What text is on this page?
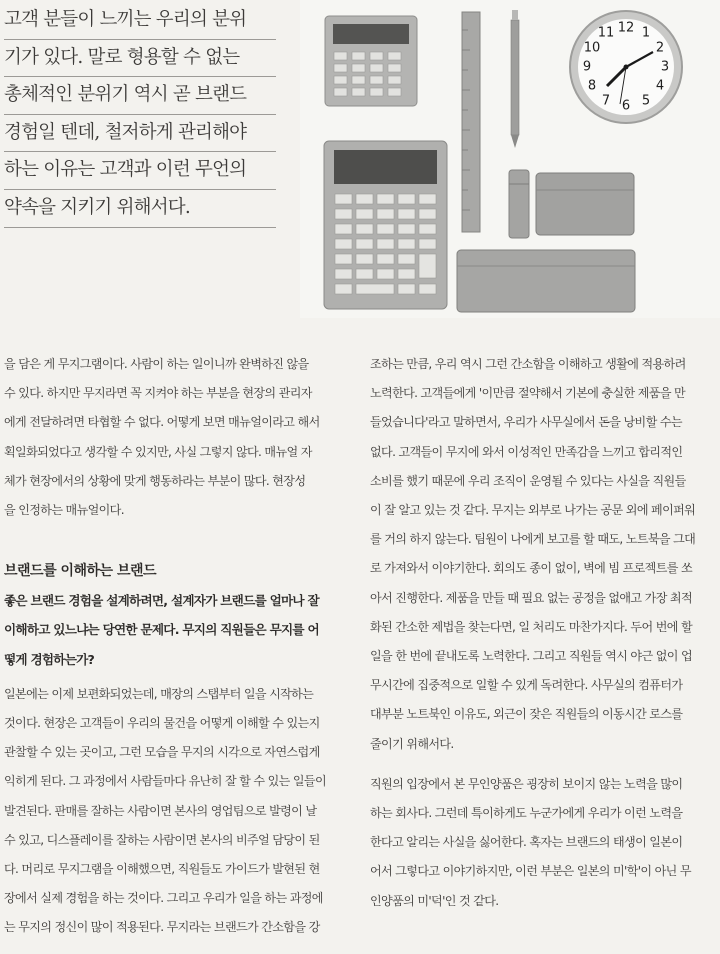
고객 분들이 느끼는 우리의 분위
기가 있다. 말로 형용할 수 없는
총체적인 분위기 역시 곧 브랜드
경험일 텐데, 철저하게 관리해야
하는 이유는 고객과 이런 무언의
약속을 지키기 위해서다.
12 1
2
3
4
5
6
7
8
9
10
11

을 담은 게 무지그램이다. 사람이 하는 일이니까 완벽하진 않을
수 있다. 하지만 무지라면 꼭 지켜야 하는 부분을 현장의 관리자
에게 전달하려면 타협할 수 없다. 어떻게 보면 매뉴얼이라고 해서
획일화되었다고 생각할 수 있지만, 사실 그렇지 않다. 매뉴얼 자
체가 현장에서의 상황에 맞게 행동하라는 부분이 많다. 현장성
을 인정하는 매뉴얼이다.

브랜드를 이해하는 브랜드

좋은 브랜드 경험을 설계하려면, 설계자가 브랜드를 얼마나 잘
이해하고 있느냐는 당연한 문제다. 무지의 직원들은 무지를 어
떻게 경험하는가?

일본에는 이제 보편화되었는데, 매장의 스탭부터 일을 시작하는
것이다. 현장은 고객들이 우리의 물건을 어떻게 이해할 수 있는지
관찰할 수 있는 곳이고, 그런 모습을 무지의 시각으로 자연스럽게
익히게 된다. 그 과정에서 사람들마다 유난히 잘 할 수 있는 일들이
발견된다. 판매를 잘하는 사람이면 본사의 영업팀으로 발령이 날
수 있고, 디스플레이를 잘하는 사람이면 본사의 비주얼 담당이 된
다. 머리로 무지그램을 이해했으면, 직원들도 가이드가 발현된 현
장에서 실제 경험을 하는 것이다. 그리고 우리가 일을 하는 과정에
는 무지의 정신이 많이 적용된다. 무지라는 브랜드가 간소함을 강

조하는 만큼, 우리 역시 그런 간소함을 이해하고 생활에 적용하려
노력한다. 고객들에게 '이만큼 절약해서 기본에 충실한 제품을 만
들었습니다'라고 말하면서, 우리가 사무실에서 돈을 낭비할 수는
없다. 고객들이 무지에 와서 이성적인 만족감을 느끼고 합리적인
소비를 했기 때문에 우리 조직이 운영될 수 있다는 사실을 직원들
이 잘 알고 있는 것 같다. 무지는 외부로 나가는 공문 외에 페이퍼워
를 거의 하지 않는다. 팀원이 나에게 보고를 할 때도, 노트북을 그대
로 가져와서 이야기한다. 회의도 종이 없이, 벽에 빔 프로젝트를 쏘
아서 진행한다. 제품을 만들 때 필요 없는 공정을 없애고 가장 최적
화된 간소한 제법을 찾는다면, 일 처리도 마찬가지다. 두어 번에 할
일을 한 번에 끝내도록 노력한다. 그리고 직원들 역시 야근 없이 업
무시간에 집중적으로 일할 수 있게 독려한다. 사무실의 컴퓨터가
대부분 노트북인 이유도, 외근이 잦은 직원들의 이동시간 로스를
줄이기 위해서다.

직원의 입장에서 본 무인양품은 굉장히 보이지 않는 노력을 많이
하는 회사다. 그런데 특이하게도 누군가에게 우리가 이런 노력을
한다고 알리는 사실을 싫어한다. 혹자는 브랜드의 태생이 일본이
어서 그렇다고 이야기하지만, 이런 부분은 일본의 미'학'이 아닌 무
인양품의 미'덕'인 것 같다.
